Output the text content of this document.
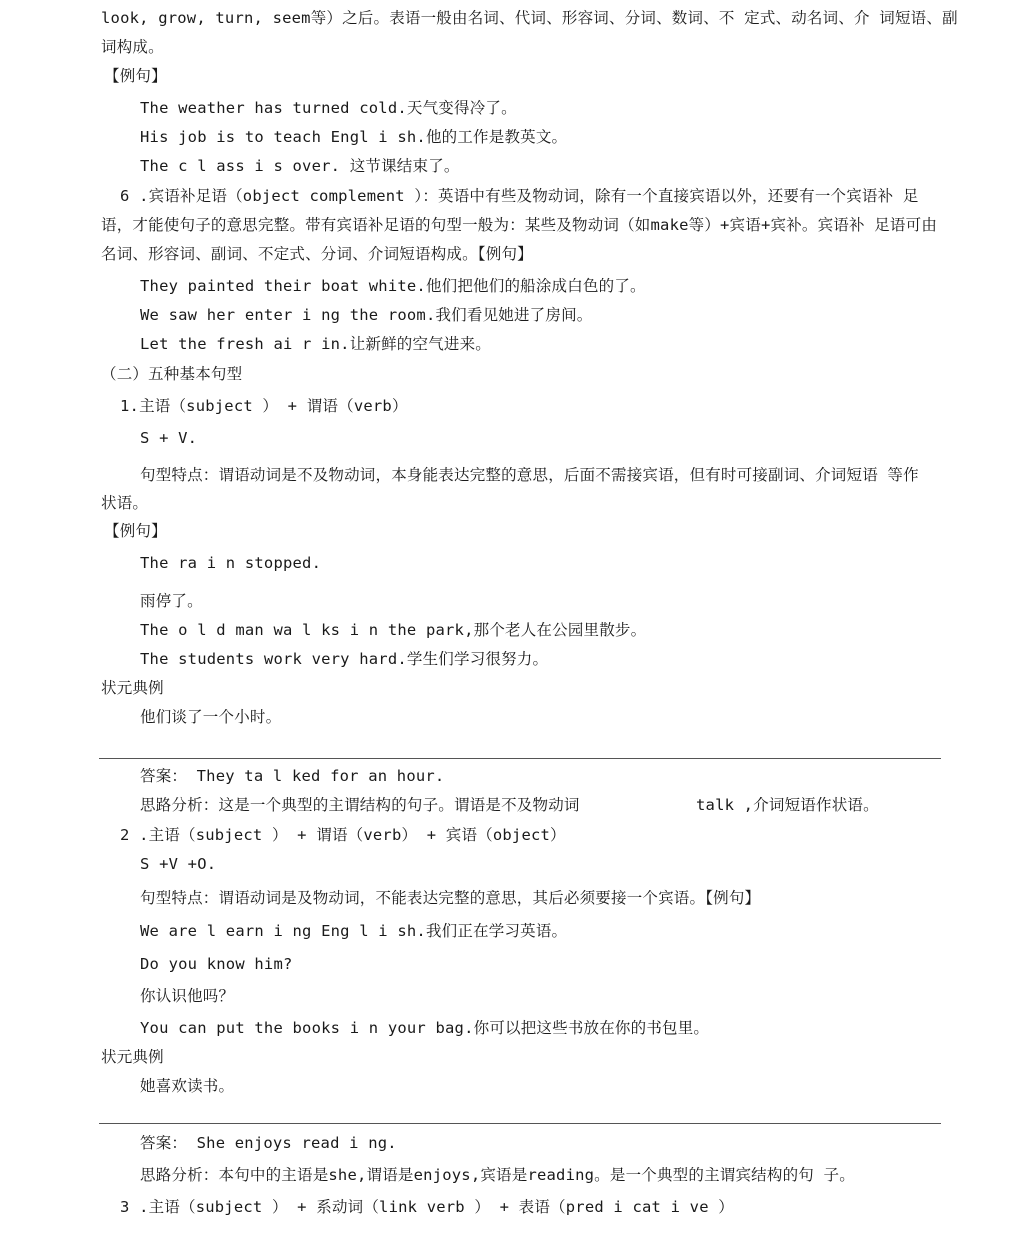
look, grow, turn, seem等）之后。表语一般由名词、代词、形容词、分词、数词、不 定式、动名词、介 词短语、副
词构成。
【例句】
The weather has turned cold.天气变得冷了。
His job is to teach Engl i sh.他的工作是教英文。
The c l ass i s over. 这节课结束了。
6 .宾语补足语（object complement ）：英语中有些及物动词，除有一个直接宾语以外，还要有一个宾语补 足
语，才能使句子的意思完整。带有宾语补足语的句型一般为：某些及物动词（如make等）+宾语+宾补。宾语补 足语可由
名词、形容词、副词、不定式、分词、介词短语构成。【例句】
They painted their boat white.他们把他们的船涂成白色的了。
We saw her enter i ng the room.我们看见她进了房间。
Let the fresh ai r in.让新鲜的空气进来。
（二）五种基本句型
1.主语（subject ） + 谓语（verb）
S + V.
句型特点：谓语动词是不及物动词，本身能表达完整的意思，后面不需接宾语，但有时可接副词、介词短语 等作
状语。
【例句】
The ra i n stopped.
雨停了。
The o l d man wa l ks i n the park,那个老人在公园里散步。
The students work very hard.学生们学习很努力。
状元典例
他们谈了一个小时。
答案： They ta l ked for an hour.
思路分析：这是一个典型的主谓结构的句子。谓语是不及物动词	talk ,介词短语作状语。
2 .主语（subject ） + 谓语（verb） + 宾语（object）
S +V +O.
句型特点：谓语动词是及物动词，不能表达完整的意思，其后必须要接一个宾语。【例句】
We are l earn i ng Eng l i sh.我们正在学习英语。
Do you know him?
你认识他吗？
You can put the books i n your bag.你可以把这些书放在你的书包里。
状元典例
她喜欢读书。
答案： She enjoys read i ng.
思路分析：本句中的主语是she,谓语是enjoys,宾语是reading。是一个典型的主谓宾结构的句 子。
3 .主语（subject ） + 系动词（link verb ） + 表语（pred i cat i ve ）
